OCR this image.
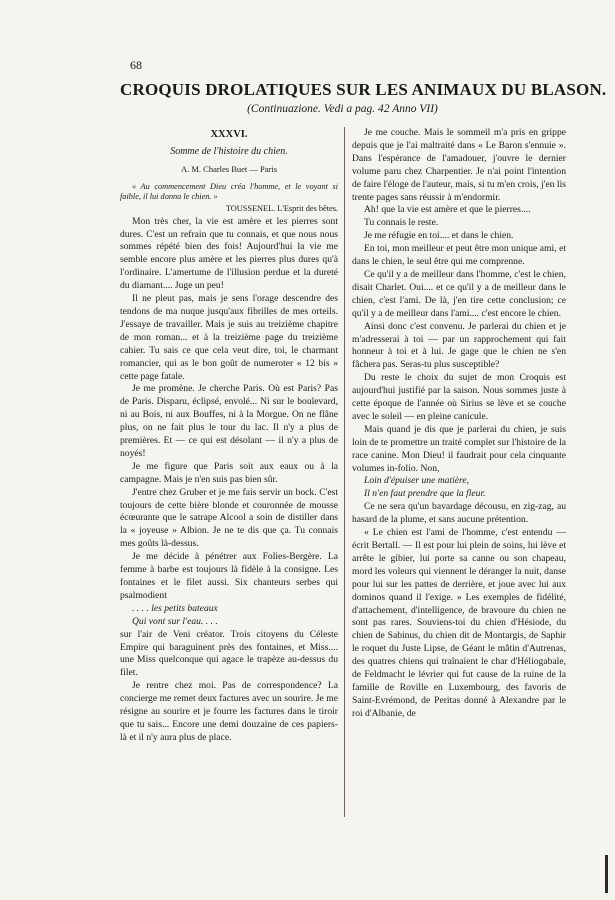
68
CROQUIS DROLATIQUES SUR LES ANIMAUX DU BLASON.
(Continuazione. Vedi a pag. 42 Anno VII)
XXXVI.
Somme de l'histoire du chien.
A. M. Charles Buet — Paris

« Au commencement Dieu créa l'homme, et le voyant si faible, il lui donna le chien. »

TOUSSENEL. L'Esprit des bêtes.

Mon très cher, la vie est amère et les pierres sont dures. C'est un refrain que tu connais, et que nous nous sommes répété bien des fois! Aujourd'hui la vie me semble encore plus amère et les pierres plus dures qu'à l'ordinaire. L'amertume de l'illusion perdue et la dureté du diamant.... Juge un peu!

Il ne pleut pas, mais je sens l'orage descendre des tendons de ma nuque jusqu'aux fibrilles de mes orteils. J'essaye de travailler. Mais je suis au treizième chapitre de mon roman... et à la treizième page du treizième cahier. Tu sais ce que cela veut dire, toi, le charmant romancier, qui as le bon goût de numeroter « 12 bis » cette page fatale.

Je me promène. Je cherche Paris. Où est Paris? Pas de Paris. Disparu, éclipsé, envolé... Ni sur le boulevard, ni au Bois, ni aux Bouffes, ni à la Morgue. On ne flâne plus, on ne fait plus le tour du lac. Il n'y a plus de premières. Et — ce qui est désolant — il n'y a plus de noyés!

Je me figure que Paris soit aux eaux ou à la campagne. Mais je n'en suis pas bien sûr.

J'entre chez Gruber et je me fais servir un bock. C'est toujours de cette bière blonde et couronnée de mousse écœurante que le satrape Alcool a soin de distiller dans la « joyeuse » Albion. Je ne te dis que ça. Tu connais mes goûts là-dessus.

Je me décide à pénétrer aux Folies-Bergère. La femme à barbe est toujours là fidèle à la consigne. Les fontaines et le filet aussi. Six chanteurs serbes qui psalmodient

. . . . les petits bateaux

Qui vont sur l'eau. . . .

sur l'air de Veni créator. Trois citoyens du Céleste Empire qui baraguinent près des fontaines, et Miss.... une Miss quelconque qui agace le trapèze au-dessus du filet.

Je rentre chez moi. Pas de correspondence? La concierge me remet deux factures avec un sourire. Je me résigne au sourire et je fourre les factures dans le tiroir que tu sais... Encore une demi douzaine de ces papiers-là et il n'y aura plus de place.

Je me couche. Mais le sommeil m'a pris en grippe depuis que je l'ai maltraité dans « Le Baron s'ennuie ». Dans l'espérance de l'amadouer, j'ouvre le dernier volume paru chez Charpentier. Je n'ai point l'intention de faire l'éloge de l'auteur, mais, si tu m'en crois, j'en lis trente pages sans réussir à m'endormir.

Ah! que la vie est amère et que le pierres....

Tu connais le reste.

Je me réfugie en toi.... et dans le chien.

En toi, mon meilleur et peut être mon unique ami, et dans le chien, le seul être qui me comprenne.

Ce qu'il y a de meilleur dans l'homme, c'est le chien, disait Charlet. Oui.... et ce qu'il y a de meilleur dans le chien, c'est l'ami. De là, j'en tire cette conclusion; ce qu'il y a de meilleur dans l'ami.... c'est encore le chien.

Ainsi donc c'est convenu. Je parlerai du chien et je m'adresserai à toi — par un rapprochement qui fait honneur à toi et à lui. Je gage que le chien ne s'en fâchera pas. Seras-tu plus susceptible?

Du reste le choix du sujet de mon Croquis est aujourd'hui justifié par la saison. Nous sommes juste à cette époque de l'année où Sirius se lève et se couche avec le soleil — en pleine canicule.

Mais quand je dis que je parlerai du chien, je suis loin de te promettre un traité complet sur l'histoire de la race canine. Mon Dieu! il faudrait pour cela cinquante volumes in-folio. Non,

Loin d'épuiser une matière,

Il n'en faut prendre que la fleur.

Ce ne sera qu'un bavardage décousu, en zig-zag, au hasard de la plume, et sans aucune prétention.

« Le chien est l'ami de l'homme, c'est entendu — écrit Bertall. — Il est pour lui plein de soins, lui lève et arrête le gibier, lui porte sa canne ou son chapeau, mord les voleurs qui viennent le déranger la nuit, danse pour lui sur les pattes de derrière, et joue avec lui aux dominos quand il l'exige. » Les exemples de fidélité, d'attachement, d'intelligence, de bravoure du chien ne sont pas rares. Souviens-toi du chien d'Hésiode, du chien de Sabinus, du chien dit de Montargis, de Saphir le roquet du Juste Lipse, de Géant le mâtin d'Autrenas, des quatres chiens qui traînaient le char d'Héliogabale, de Feldmacht le lévrier qui fut cause de la ruine de la famille de Roville en Luxembourg, des favoris de Saint-Evrémond, de Peritas donné à Alexandre par le roi d'Albanie, de
